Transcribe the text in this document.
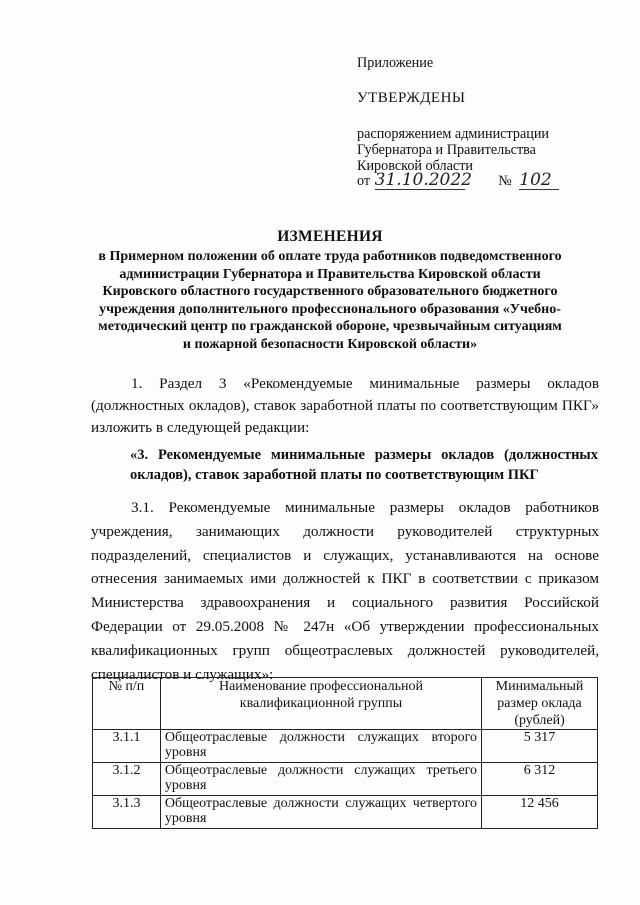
Приложение
УТВЕРЖДЕНЫ
распоряжением администрации
Губернатора и Правительства
Кировской области
от 31.10.2022 № 102
ИЗМЕНЕНИЯ
в Примерном положении об оплате труда работников подведомственного
администрации Губернатора и Правительства Кировской области
Кировского областного государственного образовательного бюджетного
учреждения дополнительного профессионального образования «Учебно-
методический центр по гражданской обороне, чрезвычайным ситуациям
и пожарной безопасности Кировской области»
1. Раздел 3 «Рекомендуемые минимальные размеры окладов (должностных окладов), ставок заработной платы по соответствующим ПКГ» изложить в следующей редакции:
«3. Рекомендуемые минимальные размеры окладов (должностных окладов), ставок заработной платы по соответствующим ПКГ
3.1. Рекомендуемые минимальные размеры окладов работников учреждения, занимающих должности руководителей структурных подразделений, специалистов и служащих, устанавливаются на основе отнесения занимаемых ими должностей к ПКГ в соответствии с приказом Министерства здравоохранения и социального развития Российской Федерации от 29.05.2008 № 247н «Об утверждении профессиональных квалификационных групп общеотраслевых должностей руководителей, специалистов и служащих»:
№ п/п	Наименование профессиональной квалификационной группы	Минимальный размер оклада (рублей)
3.1.1	Общеотраслевые должности служащих второго уровня	5 317
3.1.2	Общеотраслевые должности служащих третьего уровня	6 312
3.1.3	Общеотраслевые должности служащих четвертого уровня	12 456
